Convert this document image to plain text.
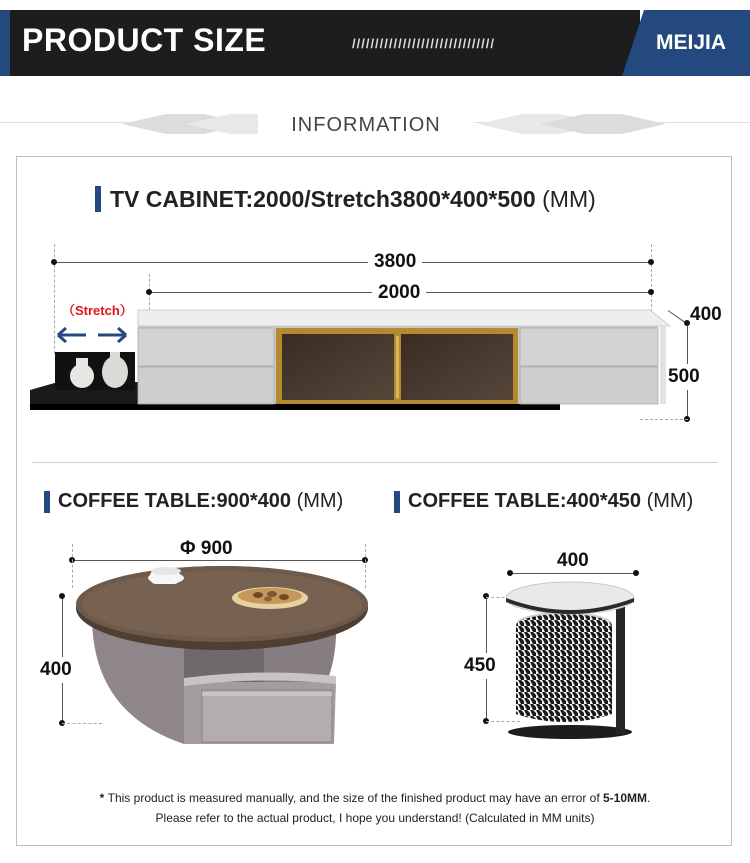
PRODUCT SIZE	///////////////////////////////	MEIJIA
INFORMATION
TV CABINET:2000/Stretch3800*400*500 (MM)
3800
2000
（Stretch）	400
500
COFFEE TABLE:900*400 (MM)	COFFEE TABLE:400*450 (MM)
Φ 900
400
400
450
* This product is measured manually, and the size of the finished product may have an error of 5-10MM.
Please refer to the actual product, I hope you understand! (Calculated in MM units)
